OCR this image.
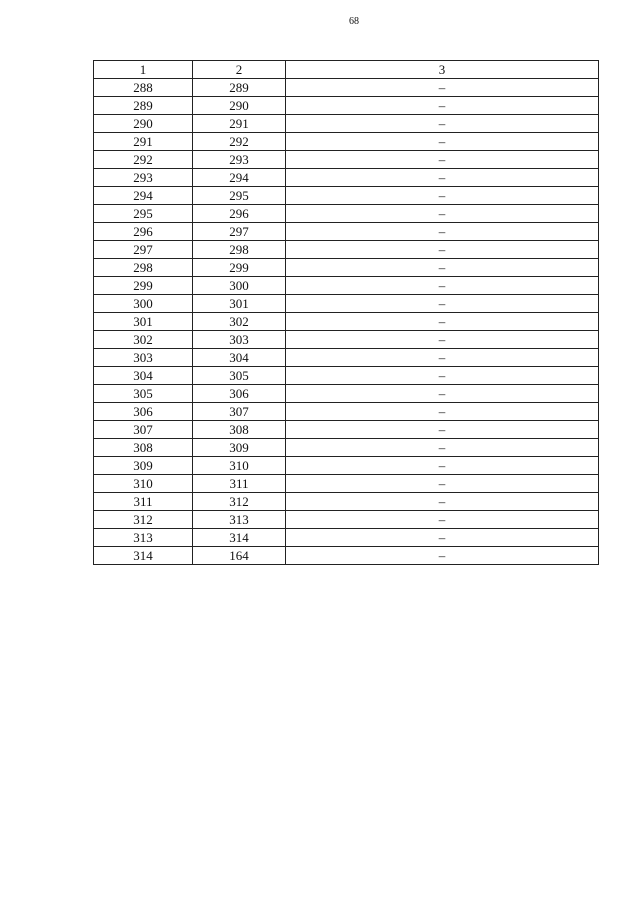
68
1	2	3
288	289	–
289	290	–
290	291	–
291	292	–
292	293	–
293	294	–
294	295	–
295	296	–
296	297	–
297	298	–
298	299	–
299	300	–
300	301	–
301	302	–
302	303	–
303	304	–
304	305	–
305	306	–
306	307	–
307	308	–
308	309	–
309	310	–
310	311	–
311	312	–
312	313	–
313	314	–
314	164	–
